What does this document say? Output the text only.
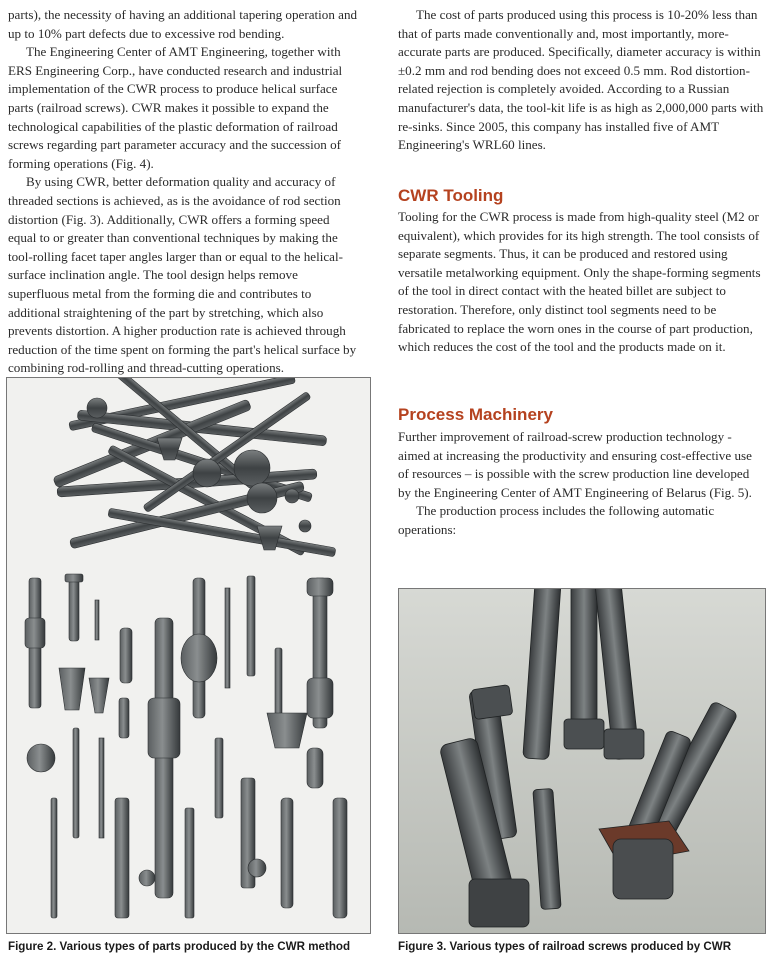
parts), the necessity of having an additional tapering operation and up to 10% part defects due to excessive rod bending.

The Engineering Center of AMT Engineering, together with ERS Engineering Corp., have conducted research and industrial implementation of the CWR process to produce helical surface parts (railroad screws). CWR makes it possible to expand the technological capabilities of the plastic deformation of railroad screws regarding part parameter accuracy and the succession of forming operations (Fig. 4).

By using CWR, better deformation quality and accuracy of threaded sections is achieved, as is the avoidance of rod section distortion (Fig. 3). Additionally, CWR offers a forming speed equal to or greater than conventional techniques by making the tool-rolling facet taper angles larger than or equal to the helical-surface inclination angle. The tool design helps remove superfluous metal from the forming die and contributes to additional straightening of the part by stretching, which also prevents distortion. A higher production rate is achieved through reduction of the time spent on forming the part's helical surface by combining rod-rolling and thread-cutting operations.

The cost of parts produced using this process is 10-20% less than that of parts made conventionally and, most importantly, more-accurate parts are produced. Specifically, diameter accuracy is within ±0.2 mm and rod bending does not exceed 0.5 mm. Rod distortion-related rejection is completely avoided. According to a Russian manufacturer's data, the tool-kit life is as high as 2,000,000 parts with re-sinks. Since 2005, this company has installed five of AMT Engineering's WRL60 lines.

CWR Tooling

Tooling for the CWR process is made from high-quality steel (M2 or equivalent), which provides for its high strength. The tool consists of separate segments. Thus, it can be produced and restored using versatile metalworking equipment. Only the shape-forming segments of the tool in direct contact with the heated billet are subject to restoration. Therefore, only distinct tool segments need to be fabricated to replace the worn ones in the course of part production, which reduces the cost of the tool and the products made on it.

Process Machinery

Further improvement of railroad-screw production technology - aimed at increasing the productivity and ensuring cost-effective use of resources – is possible with the screw production line developed by the Engineering Center of AMT Engineering of Belarus (Fig. 5).

The production process includes the following automatic operations:

Figure 2. Various types of parts produced by the CWR method	Figure 3. Various types of railroad screws produced by CWR
